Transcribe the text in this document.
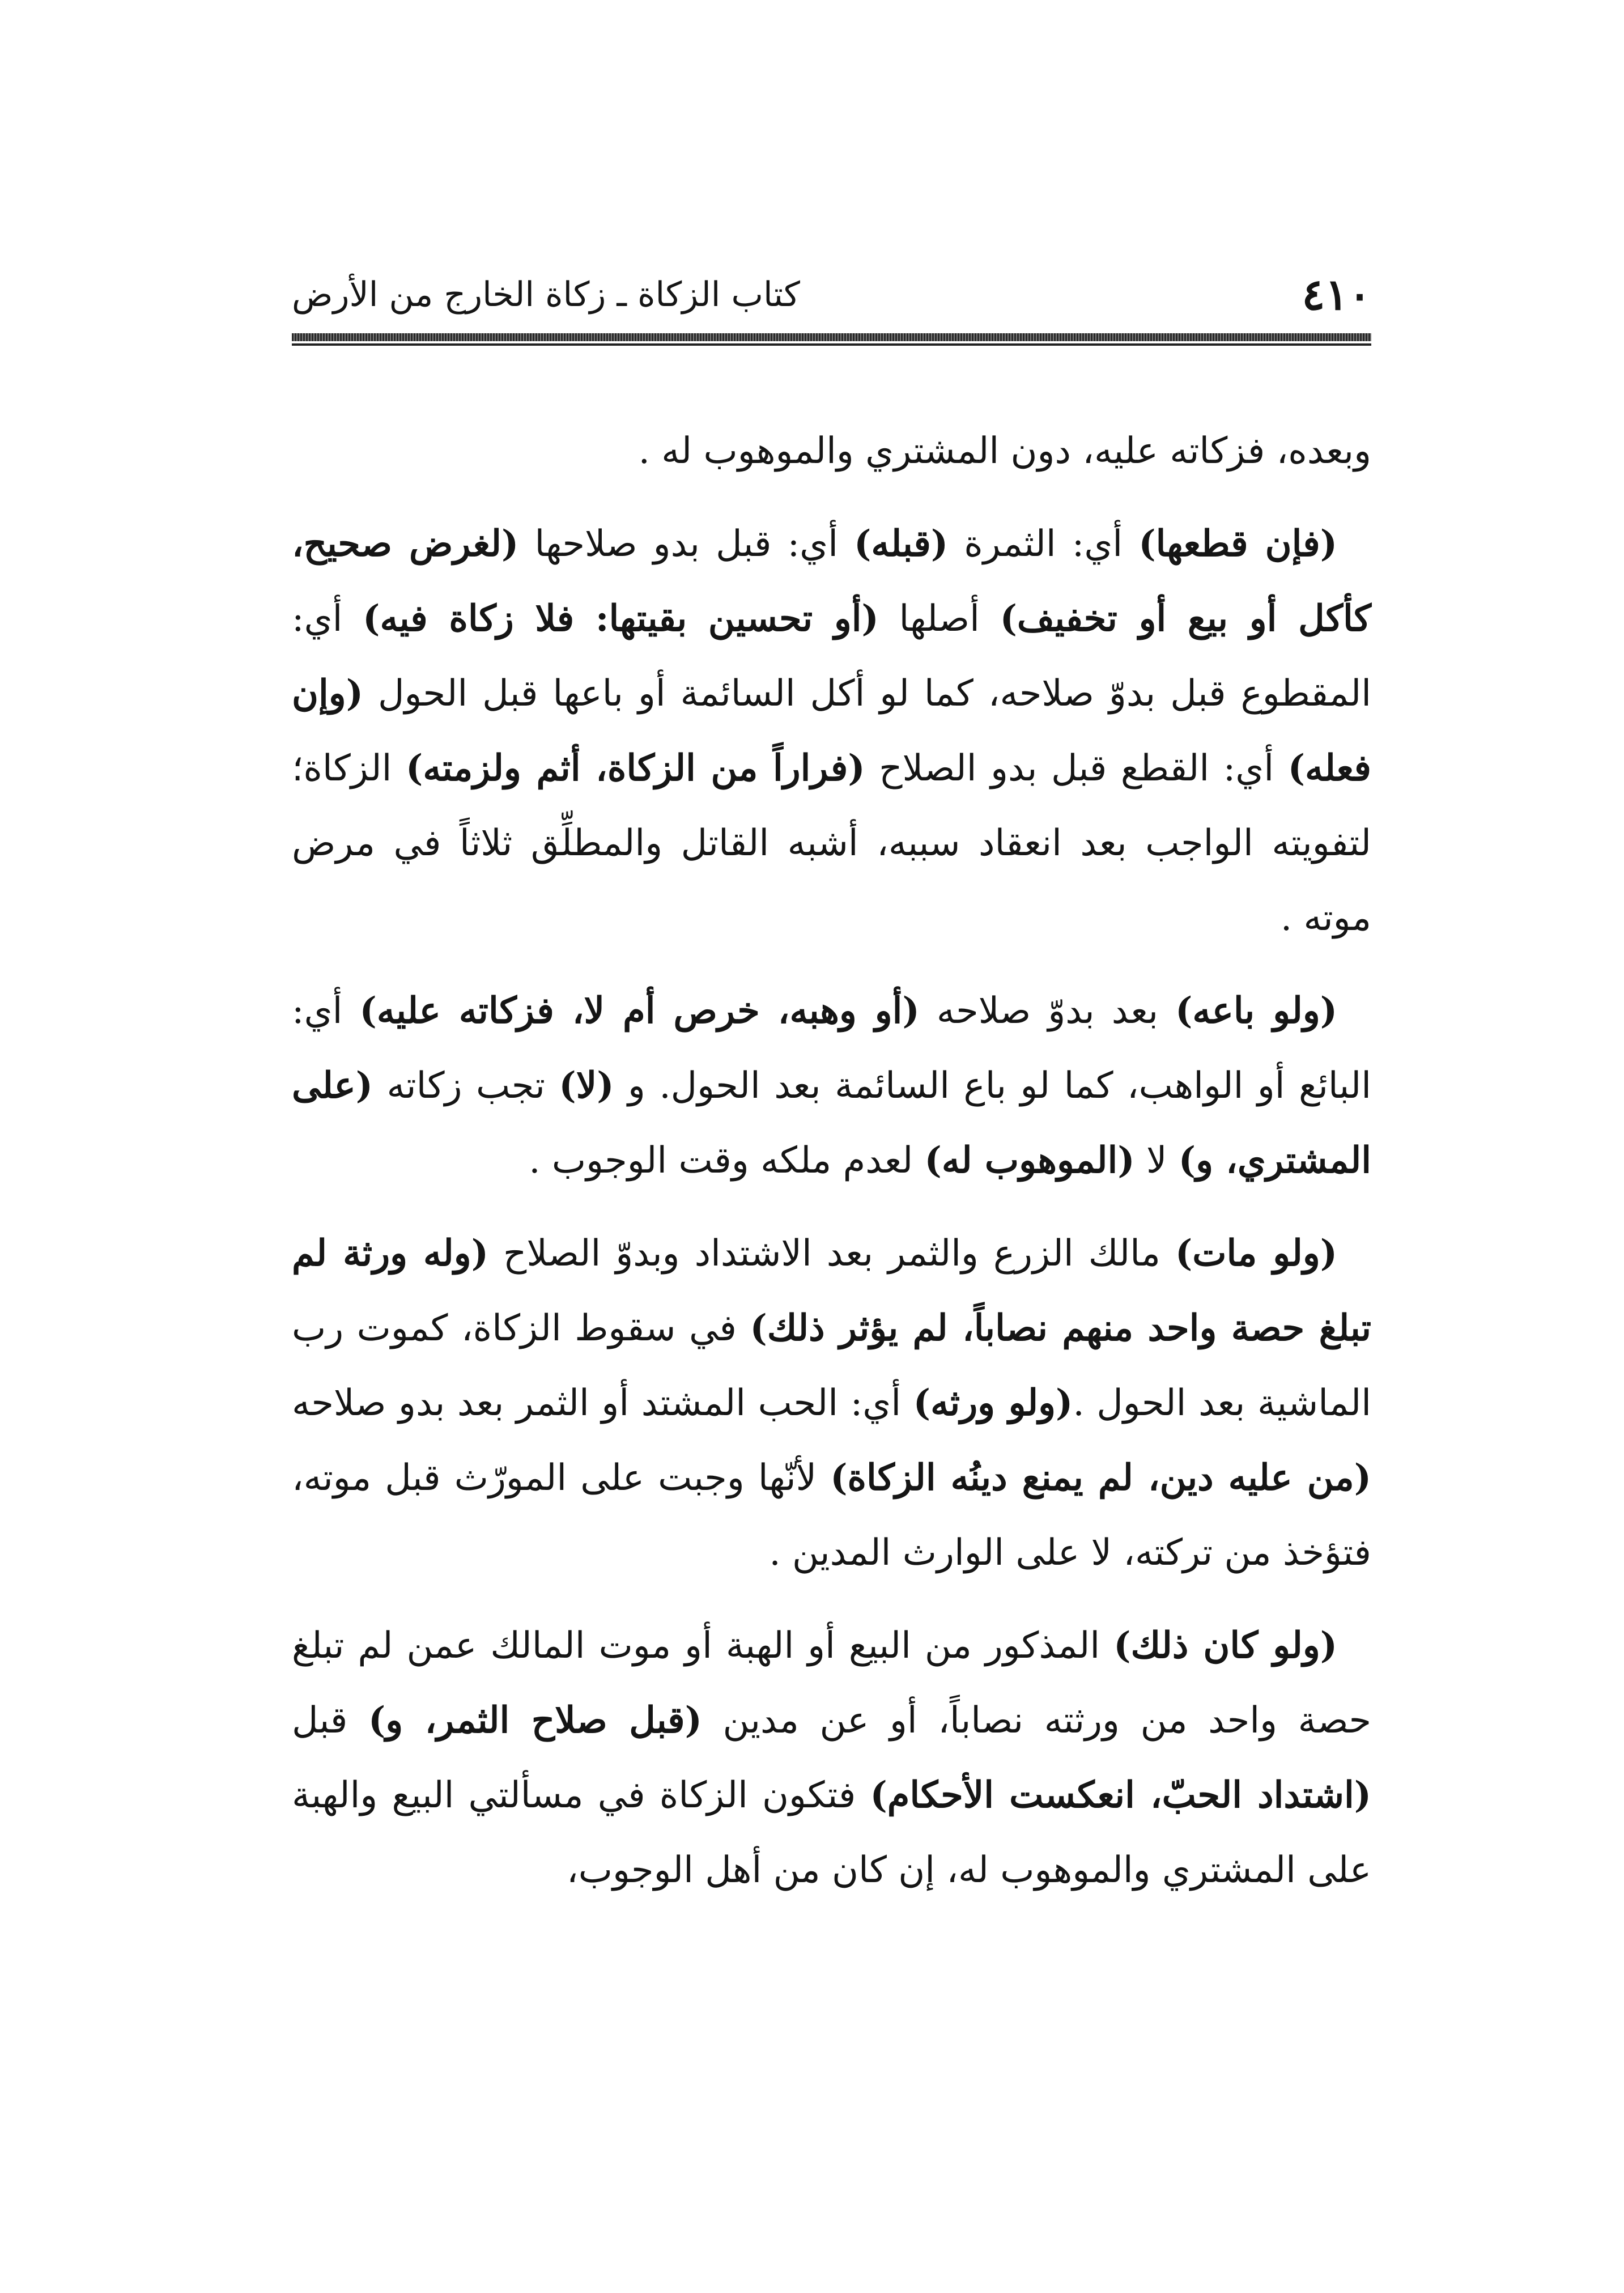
٤١٠
كتاب الزكاة ـ زكاة الخارج من الأرض

وبعده، فزكاته عليه، دون المشتري والموهوب له .

(فإن قطعها) أي: الثمرة (قبله) أي: قبل بدو صلاحها (لغرض صحيح، كأكل أو بيع أو تخفيف) أصلها (أو تحسين بقيتها: فلا زكاة فيه) أي: المقطوع قبل بدوّ صلاحه، كما لو أكل السائمة أو باعها قبل الحول (وإن فعله) أي: القطع قبل بدو الصلاح (فراراً من الزكاة، أثم ولزمته) الزكاة؛ لتفويته الواجب بعد انعقاد سببه، أشبه القاتل والمطلِّق ثلاثاً في مرض موته .

(ولو باعه) بعد بدوّ صلاحه (أو وهبه، خرص أم لا، فزكاته عليه) أي: البائع أو الواهب، كما لو باع السائمة بعد الحول. و (لا) تجب زكاته (على المشتري، و) لا (الموهوب له) لعدم ملكه وقت الوجوب .

(ولو مات) مالك الزرع والثمر بعد الاشتداد وبدوّ الصلاح (وله ورثة لم تبلغ حصة واحد منهم نصاباً، لم يؤثر ذلك) في سقوط الزكاة، كموت رب الماشية بعد الحول .(ولو ورثه) أي: الحب المشتد أو الثمر بعد بدو صلاحه (من عليه دين، لم يمنع دينُه الزكاة) لأنّها وجبت على المورّث قبل موته، فتؤخذ من تركته، لا على الوارث المدين .

(ولو كان ذلك) المذكور من البيع أو الهبة أو موت المالك عمن لم تبلغ حصة واحد من ورثته نصاباً، أو عن مدين (قبل صلاح الثمر، و) قبل (اشتداد الحبّ، انعكست الأحكام) فتكون الزكاة في مسألتي البيع والهبة على المشتري والموهوب له، إن كان من أهل الوجوب،
